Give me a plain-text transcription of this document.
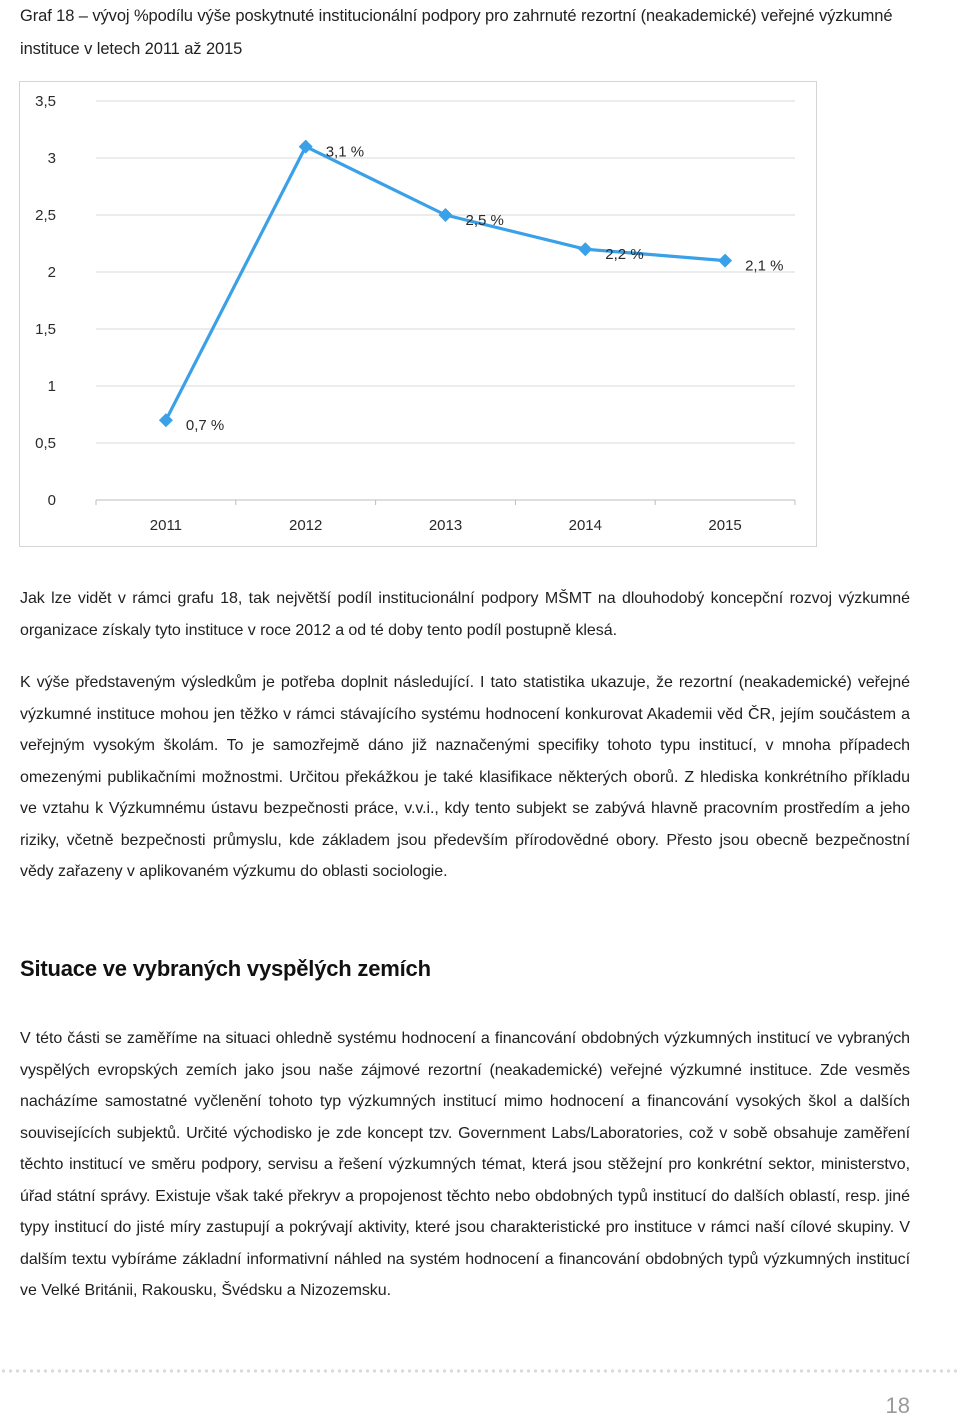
Graf 18 – vývoj %podílu výše poskytnuté institucionální podpory pro zahrnuté rezortní (neakademické) veřejné výzkumné instituce v letech 2011 až 2015
0
0,5
1
1,5
2
2,5
3
3,5
2011	2012	2013	2014	2015
0,7 %
3,1 %
2,5 %
2,2 %
2,1 %
Jak lze vidět v rámci grafu 18, tak největší podíl institucionální podpory MŠMT na dlouhodobý koncepční rozvoj výzkumné organizace získaly tyto instituce v roce 2012 a od té doby tento podíl postupně klesá.
K výše představeným výsledkům je potřeba doplnit následující. I tato statistika ukazuje, že rezortní (neakademické) veřejné výzkumné instituce mohou jen těžko v rámci stávajícího systému hodnocení konkurovat Akademii věd ČR, jejím součástem a veřejným vysokým školám. To je samozřejmě dáno již naznačenými specifiky tohoto typu institucí, v mnoha případech omezenými publikačními možnostmi. Určitou překážkou je také klasifikace některých oborů. Z hlediska konkrétního příkladu ve vztahu k Výzkumnému ústavu bezpečnosti práce, v.v.i., kdy tento subjekt se zabývá hlavně pracovním prostředím a jeho riziky, včetně bezpečnosti průmyslu, kde základem jsou především přírodovědné obory. Přesto jsou obecně bezpečnostní vědy zařazeny v aplikovaném výzkumu do oblasti sociologie.
Situace ve vybraných vyspělých zemích
V této části se zaměříme na situaci ohledně systému hodnocení a financování obdobných výzkumných institucí ve vybraných vyspělých evropských zemích jako jsou naše zájmové rezortní (neakademické) veřejné výzkumné instituce. Zde vesměs nacházíme samostatné vyčlenění tohoto typ výzkumných institucí mimo hodnocení a financování vysokých škol a dalších souvisejících subjektů. Určité východisko je zde koncept tzv. Government Labs/Laboratories, což v sobě obsahuje zaměření těchto institucí ve směru podpory, servisu a řešení výzkumných témat, která jsou stěžejní pro konkrétní sektor, ministerstvo, úřad státní správy. Existuje však také překryv a propojenost těchto nebo obdobných typů institucí do dalších oblastí, resp. jiné typy institucí do jisté míry zastupují a pokrývají aktivity, které jsou charakteristické pro instituce v rámci naší cílové skupiny. V dalším textu vybíráme základní informativní náhled na systém hodnocení a financování obdobných typů výzkumných institucí ve Velké Británii, Rakousku, Švédsku a Nizozemsku.
18
